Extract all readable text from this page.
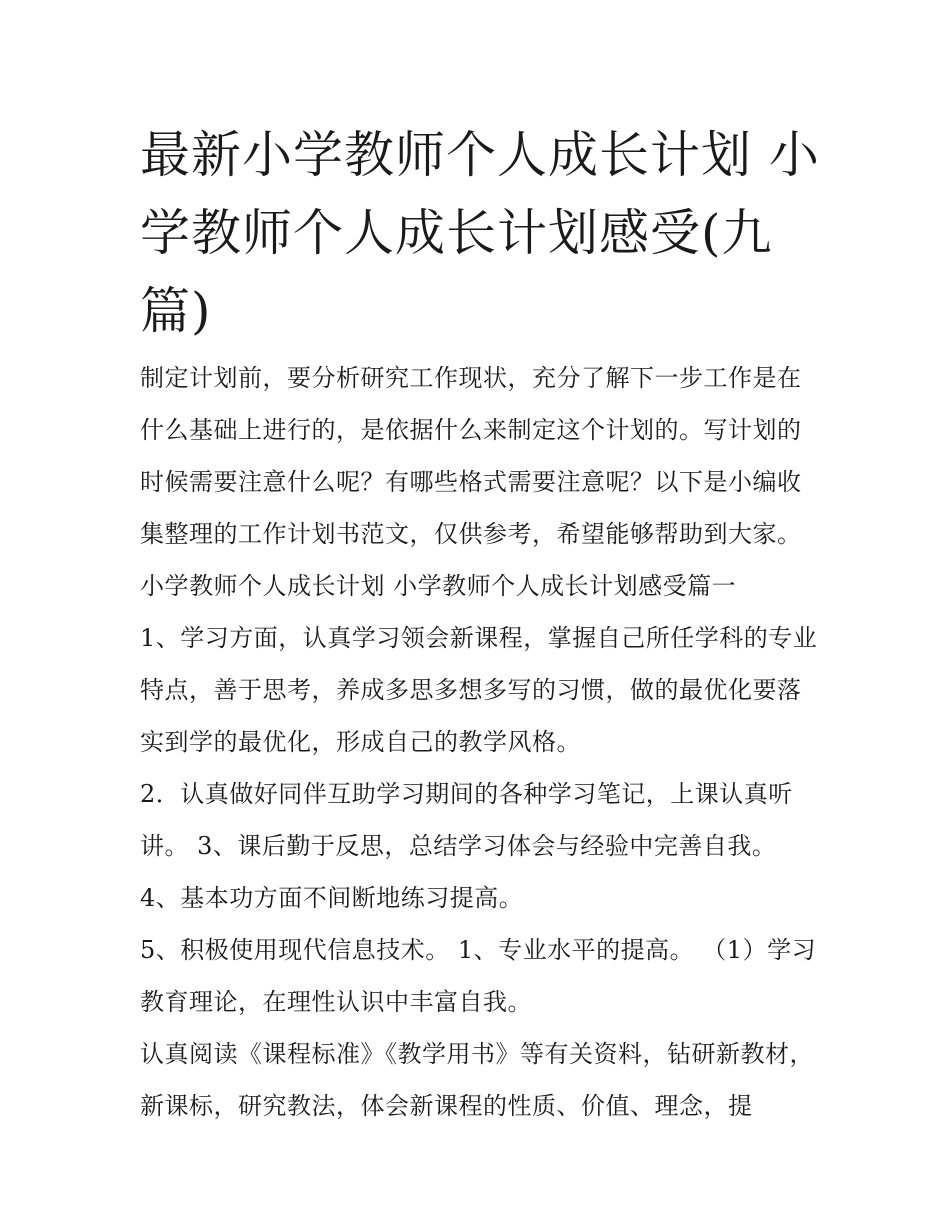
最新小学教师个人成长计划 小学教师个人成长计划感受(九篇)

制定计划前，要分析研究工作现状，充分了解下一步工作是在什么基础上进行的，是依据什么来制定这个计划的。写计划的时候需要注意什么呢？有哪些格式需要注意呢？以下是小编收集整理的工作计划书范文，仅供参考，希望能够帮助到大家。

小学教师个人成长计划 小学教师个人成长计划感受篇一

1、学习方面，认真学习领会新课程，掌握自己所任学科的专业特点，善于思考，养成多思多想多写的习惯，做的最优化要落实到学的最优化，形成自己的教学风格。

2．认真做好同伴互助学习期间的各种学习笔记，上课认真听讲。 3、课后勤于反思，总结学习体会与经验中完善自我。

4、基本功方面不间断地练习提高。

5、积极使用现代信息技术。 1、专业水平的提高。 （1）学习教育理论，在理性认识中丰富自我。

认真阅读《课程标准》《教学用书》等有关资料，钻研新教材，新课标，研究教法，体会新课程的性质、价值、理念，提
